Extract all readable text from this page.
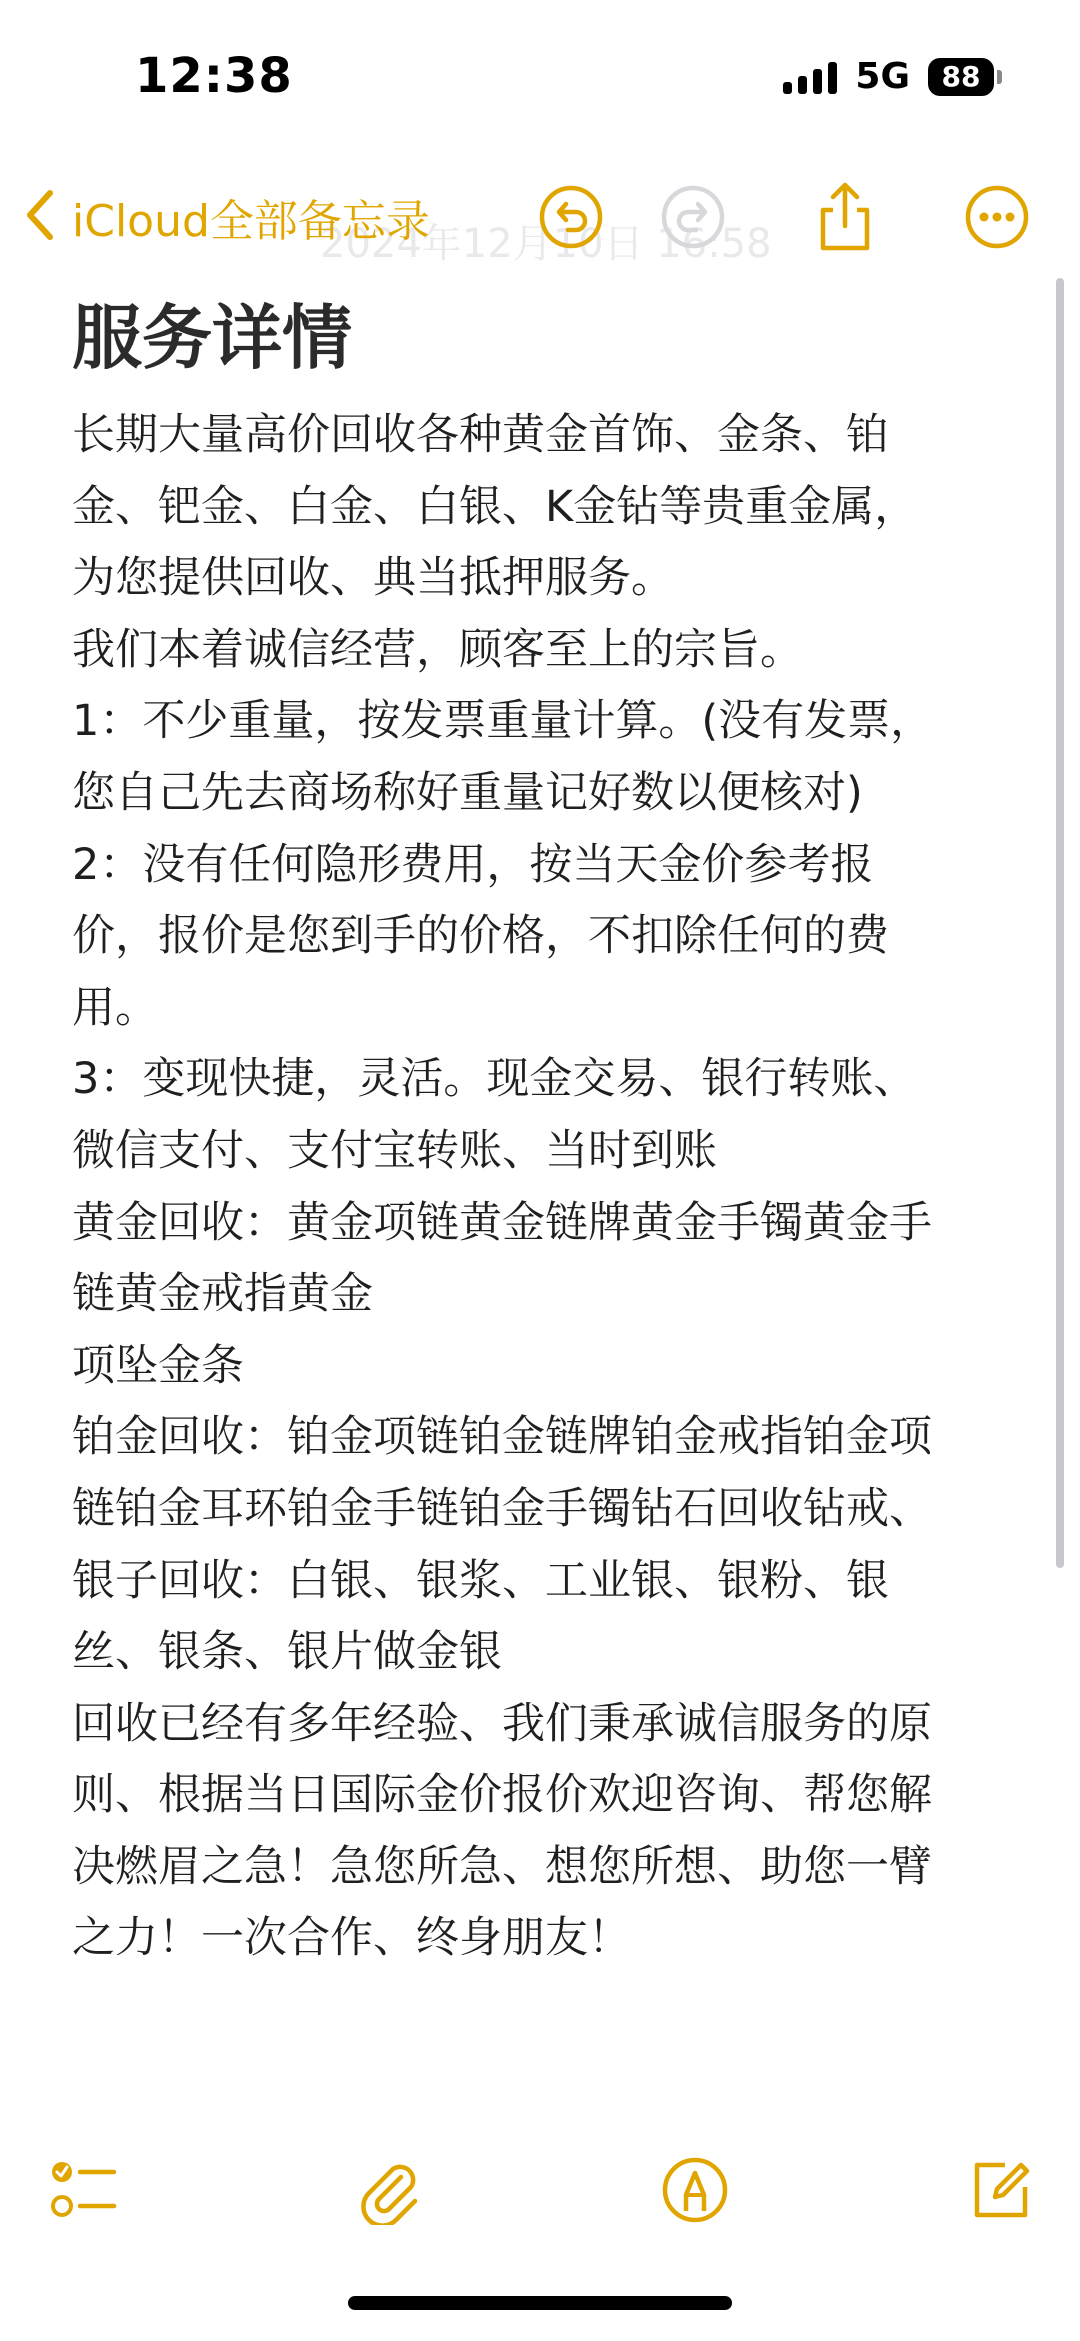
12:38	5G	88
2024年12月10日 16:58
iCloud全部备忘录
服务详情
长期大量高价回收各种黄金首饰、金条、铂
金、钯金、白金、白银、K金钻等贵重金属，
为您提供回收、典当抵押服务。
我们本着诚信经营，顾客至上的宗旨。
1：不少重量，按发票重量计算。(没有发票，
您自己先去商场称好重量记好数以便核对)
2：没有任何隐形费用，按当天金价参考报
价，报价是您到手的价格，不扣除任何的费
用。
3：变现快捷，灵活。现金交易、银行转账、
微信支付、支付宝转账、当时到账
黄金回收：黄金项链黄金链牌黄金手镯黄金手
链黄金戒指黄金
项坠金条
铂金回收：铂金项链铂金链牌铂金戒指铂金项
链铂金耳环铂金手链铂金手镯钻石回收钻戒、
银子回收：白银、银浆、工业银、银粉、银
丝、银条、银片做金银
回收已经有多年经验、我们秉承诚信服务的原
则、根据当日国际金价报价欢迎咨询、帮您解
决燃眉之急！急您所急、想您所想、助您一臂
之力！一次合作、终身朋友！
